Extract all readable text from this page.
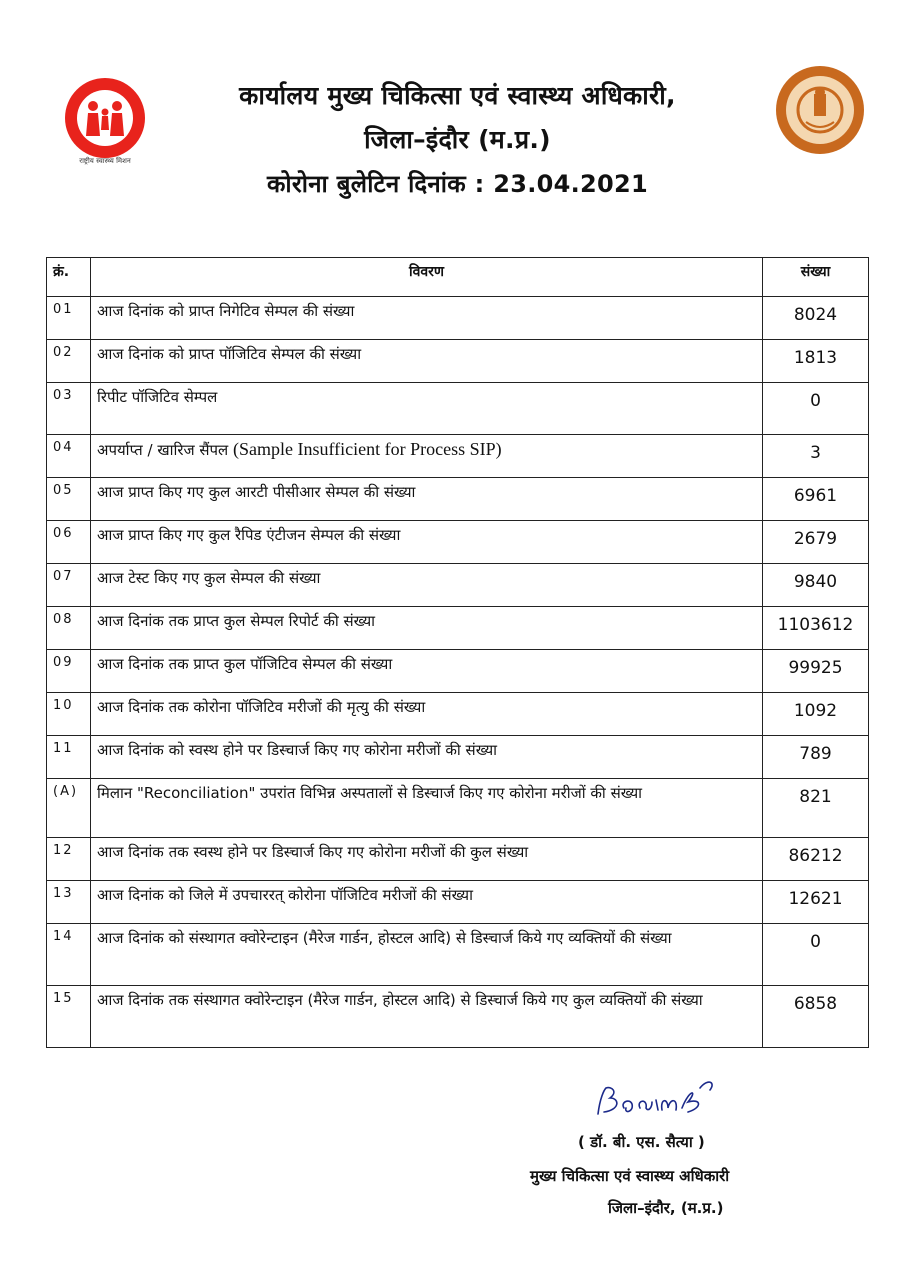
राष्ट्रीय स्वास्थ्य मिशन
कार्यालय मुख्य चिकित्सा एवं स्वास्थ्य अधिकारी,
जिला–इंदौर (म.प्र.)
कोरोना बुलेटिन दिनांक : 23.04.2021
क्रं.	विवरण	संख्या
01	आज दिनांक को प्राप्त निगेटिव सेम्पल की संख्या	8024
02	आज दिनांक को प्राप्त पॉजिटिव सेम्पल की संख्या	1813
03	रिपीट पॉजिटिव सेम्पल	0
04	अपर्याप्त / खारिज सैंपल (Sample Insufficient for Process SIP)	3
05	आज प्राप्त किए गए कुल आरटी पीसीआर सेम्पल की संख्या	6961
06	आज प्राप्त किए गए कुल रैपिड एंटीजन सेम्पल की संख्या	2679
07	आज टेस्ट किए गए कुल सेम्पल की संख्या	9840
08	आज दिनांक तक प्राप्त कुल सेम्पल रिपोर्ट की संख्या	1103612
09	आज दिनांक तक प्राप्त कुल पॉजिटिव सेम्पल की संख्या	99925
10	आज दिनांक तक कोरोना पॉजिटिव मरीजों की मृत्यु की संख्या	1092
11	आज दिनांक को स्वस्थ होने पर डिस्चार्ज किए गए कोरोना मरीजों की संख्या	789
(A)	मिलान "Reconciliation" उपरांत विभिन्न अस्पतालों से डिस्चार्ज किए गए कोरोना मरीजों की संख्या	821
12	आज दिनांक तक स्वस्थ होने पर डिस्चार्ज किए गए कोरोना मरीजों की कुल संख्या	86212
13	आज दिनांक को जिले में उपचाररत् कोरोना पॉजिटिव मरीजों की संख्या	12621
14	आज दिनांक को संस्थागत क्वोरेन्टाइन (मैरेज गार्डन, होस्टल आदि) से डिस्चार्ज किये गए व्यक्तियों की संख्या	0
15	आज दिनांक तक संस्थागत क्वोरेन्टाइन (मैरेज गार्डन, होस्टल आदि) से डिस्चार्ज किये गए कुल व्यक्तियों की संख्या	6858
( डॉ. बी. एस. सैत्या )
मुख्य चिकित्सा एवं स्वास्थ्य अधिकारी
जिला–इंदौर, (म.प्र.)
